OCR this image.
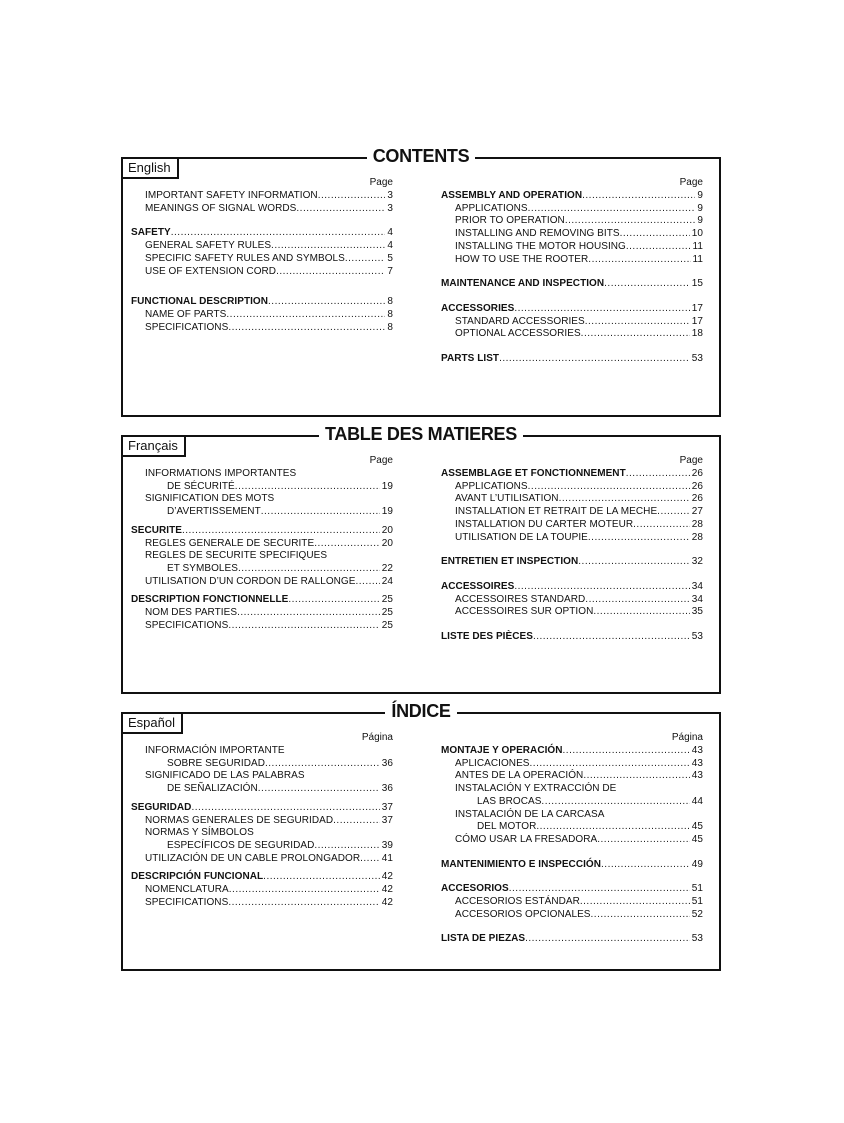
CONTENTS
English
Page
IMPORTANT SAFETY INFORMATION .....	3
MEANINGS OF SIGNAL WORDS .....	3
SAFETY .....	4
GENERAL SAFETY RULES .....	4
SPECIFIC SAFETY RULES AND SYMBOLS .....	5
USE OF EXTENSION CORD .....	7
FUNCTIONAL DESCRIPTION .....	8
NAME OF PARTS .....	8
SPECIFICATIONS .....	8
Page
ASSEMBLY AND OPERATION .....	9
APPLICATIONS .....	9
PRIOR TO OPERATION .....	9
INSTALLING AND REMOVING BITS .....	10
INSTALLING THE MOTOR HOUSING .....	11
HOW TO USE THE ROOTER .....	11
MAINTENANCE AND INSPECTION .....	15
ACCESSORIES .....	17
STANDARD ACCESSORIES .....	17
OPTIONAL ACCESSORIES .....	18
PARTS LIST .....	53
TABLE DES MATIERES
Français
Page
INFORMATIONS IMPORTANTES
DE SÉCURITÉ .....	19
SIGNIFICATION DES MOTS
D’AVERTISSEMENT .....	19
SECURITE .....	20
REGLES GENERALE DE SECURITE .....	20
REGLES DE SECURITE SPECIFIQUES
ET SYMBOLES .....	22
UTILISATION D’UN CORDON DE RALLONGE .....	24
DESCRIPTION FONCTIONNELLE .....	25
NOM DES PARTIES .....	25
SPECIFICATIONS .....	25
Page
ASSEMBLAGE ET FONCTIONNEMENT .....	26
APPLICATIONS .....	26
AVANT L’UTILISATION .....	26
INSTALLATION ET RETRAIT DE LA MECHE .....	27
INSTALLATION DU CARTER MOTEUR .....	28
UTILISATION DE LA TOUPIE .....	28
ENTRETIEN ET INSPECTION .....	32
ACCESSOIRES .....	34
ACCESSOIRES STANDARD .....	34
ACCESSOIRES SUR OPTION .....	35
LISTE DES PIÈCES .....	53
ÍNDICE
Español
Página
INFORMACIÓN IMPORTANTE
SOBRE SEGURIDAD .....	36
SIGNIFICADO DE LAS PALABRAS
DE SEÑALIZACIÓN .....	36
SEGURIDAD .....	37
NORMAS GENERALES DE SEGURIDAD .....	37
NORMAS Y SÍMBOLOS
ESPECÍFICOS DE SEGURIDAD .....	39
UTILIZACIÓN DE UN CABLE PROLONGADOR ..... 41
DESCRIPCIÓN FUNCIONAL .....	42
NOMENCLATURA .....	42
SPECIFICATIONS .....	42
Página
MONTAJE Y OPERACIÓN .....	43
APLICACIONES .....	43
ANTES DE LA OPERACIÓN .....	43
INSTALACIÓN Y EXTRACCIÓN DE
LAS BROCAS .....	44
INSTALACIÓN DE LA CARCASA
DEL MOTOR .....	45
CÓMO USAR LA FRESADORA .....	45
MANTENIMIENTO E INSPECCIÓN .....	49
ACCESORIOS .....	51
ACCESORIOS ESTÁNDAR .....	51
ACCESORIOS OPCIONALES .....	52
LISTA DE PIEZAS .....	53
